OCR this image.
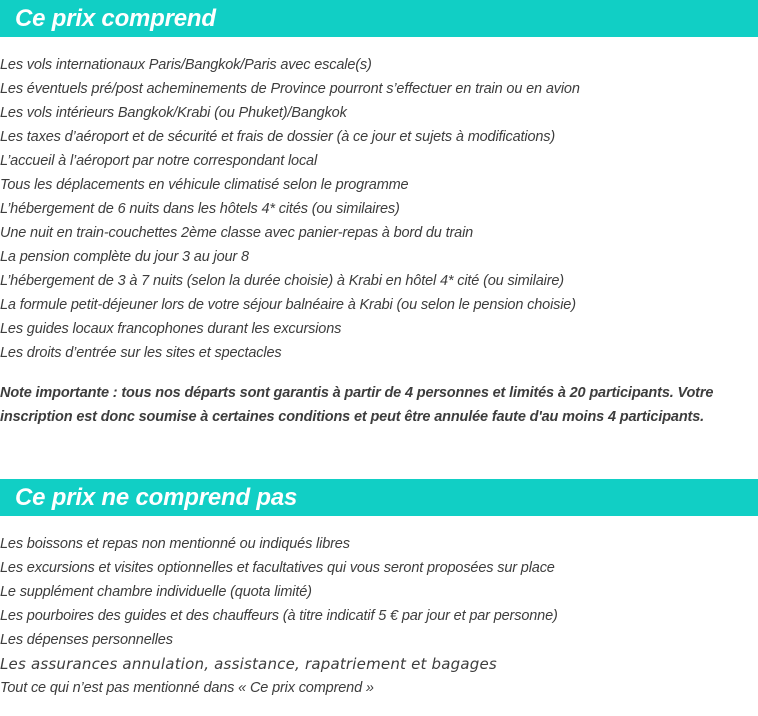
Ce prix comprend
Les vols internationaux Paris/Bangkok/Paris avec escale(s)
Les éventuels pré/post acheminements de Province pourront s’effectuer en train ou en avion
Les vols intérieurs Bangkok/Krabi (ou Phuket)/Bangkok
Les taxes d’aéroport et de sécurité et frais de dossier (à ce jour et sujets à modifications)
L’accueil à l’aéroport par notre correspondant local
Tous les déplacements en véhicule climatisé selon le programme
L’hébergement de 6 nuits dans les hôtels 4* cités (ou similaires)
Une nuit en train-couchettes 2ème classe avec panier-repas à bord du train
La pension complète du jour 3 au jour 8
L’hébergement de 3 à 7 nuits (selon la durée choisie) à Krabi en hôtel 4* cité (ou similaire)
La formule petit-déjeuner lors de votre séjour balnéaire à Krabi (ou selon le pension choisie)
Les guides locaux francophones durant les excursions
Les droits d’entrée sur les sites et spectacles

Note importante : tous nos départs sont garantis à partir de 4 personnes et limités à 20 participants. Votre inscription est donc soumise à certaines conditions et peut être annulée faute d'au moins 4 participants.

Ce prix ne comprend pas
Les boissons et repas non mentionné ou indiqués libres
Les excursions et visites optionnelles et facultatives qui vous seront proposées sur place
Le supplément chambre individuelle (quota limité)
Les pourboires des guides et des chauffeurs (à titre indicatif 5 € par jour et par personne)
Les dépenses personnelles
Les assurances annulation, assistance, rapatriement et bagages
Tout ce qui n’est pas mentionné dans « Ce prix comprend »
